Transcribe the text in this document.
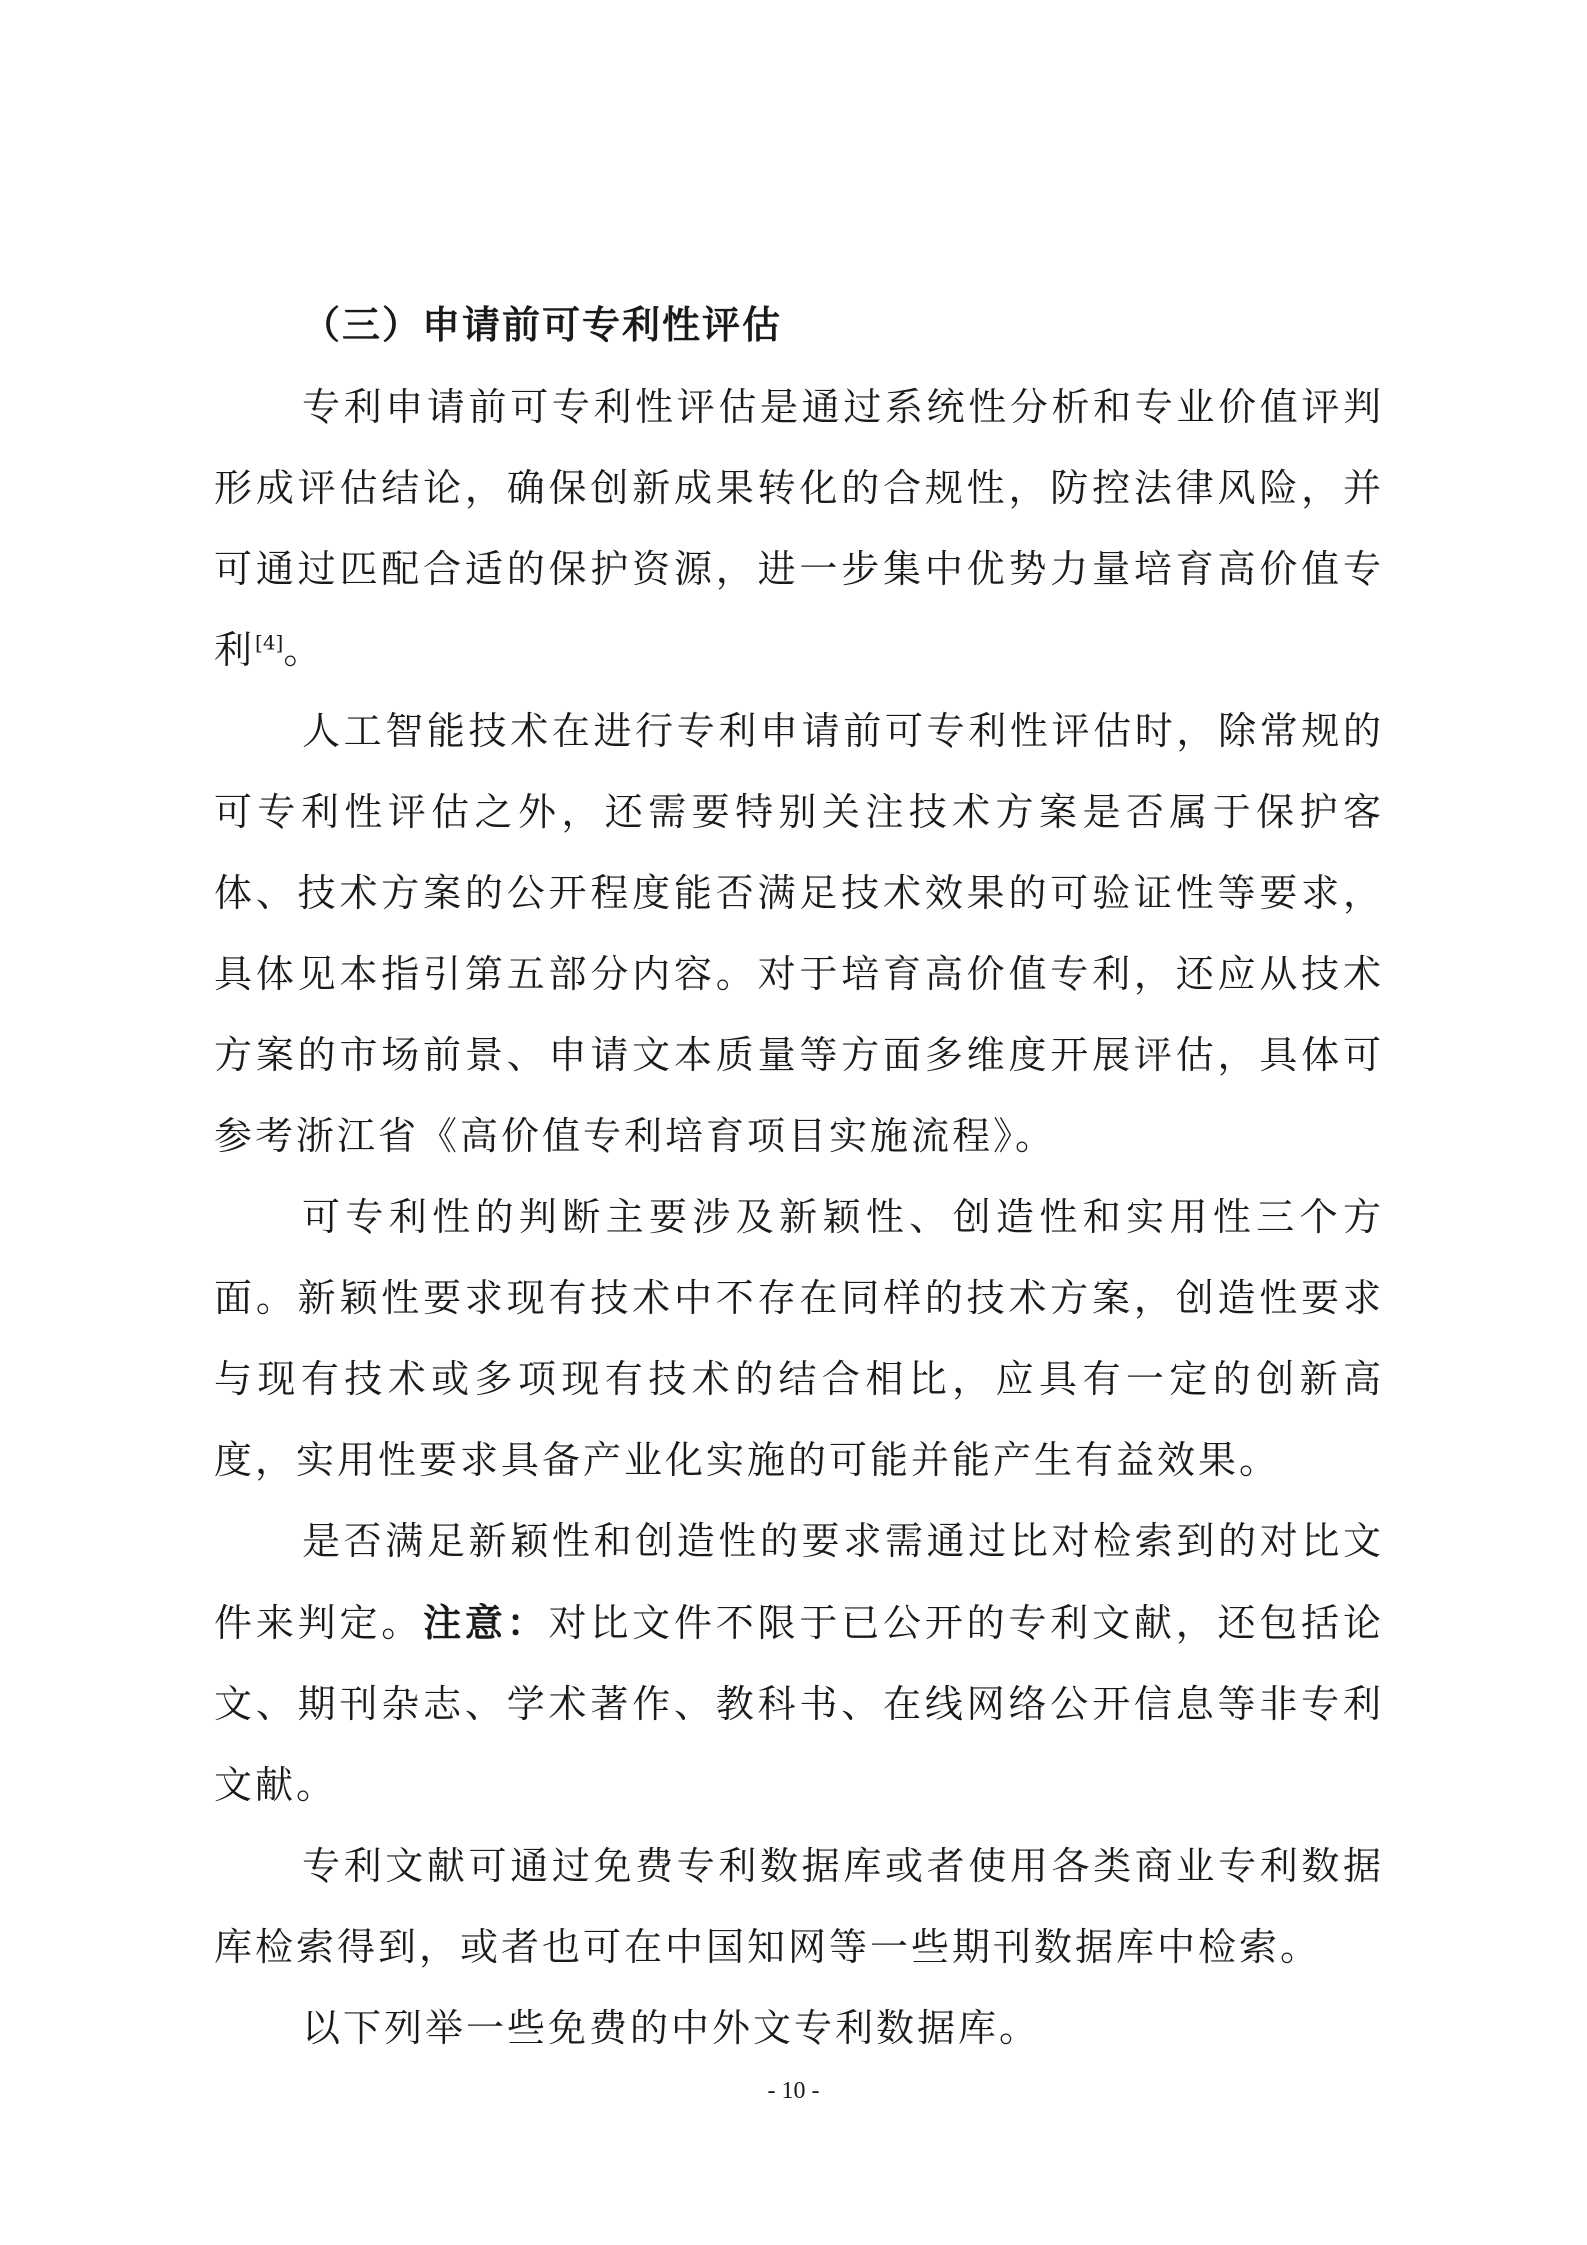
（三）申请前可专利性评估

专利申请前可专利性评估是通过系统性分析和专业价值评判形成评估结论，确保创新成果转化的合规性，防控法律风险，并可通过匹配合适的保护资源，进一步集中优势力量培育高价值专利[4]。

人工智能技术在进行专利申请前可专利性评估时，除常规的可专利性评估之外，还需要特别关注技术方案是否属于保护客体、技术方案的公开程度能否满足技术效果的可验证性等要求，具体见本指引第五部分内容。对于培育高价值专利，还应从技术方案的市场前景、申请文本质量等方面多维度开展评估，具体可参考浙江省《高价值专利培育项目实施流程》。

可专利性的判断主要涉及新颖性、创造性和实用性三个方面。新颖性要求现有技术中不存在同样的技术方案，创造性要求与现有技术或多项现有技术的结合相比，应具有一定的创新高度，实用性要求具备产业化实施的可能并能产生有益效果。

是否满足新颖性和创造性的要求需通过比对检索到的对比文件来判定。注意：对比文件不限于已公开的专利文献，还包括论文、期刊杂志、学术著作、教科书、在线网络公开信息等非专利文献。

专利文献可通过免费专利数据库或者使用各类商业专利数据库检索得到，或者也可在中国知网等一些期刊数据库中检索。

以下列举一些免费的中外文专利数据库。

- 10 -
